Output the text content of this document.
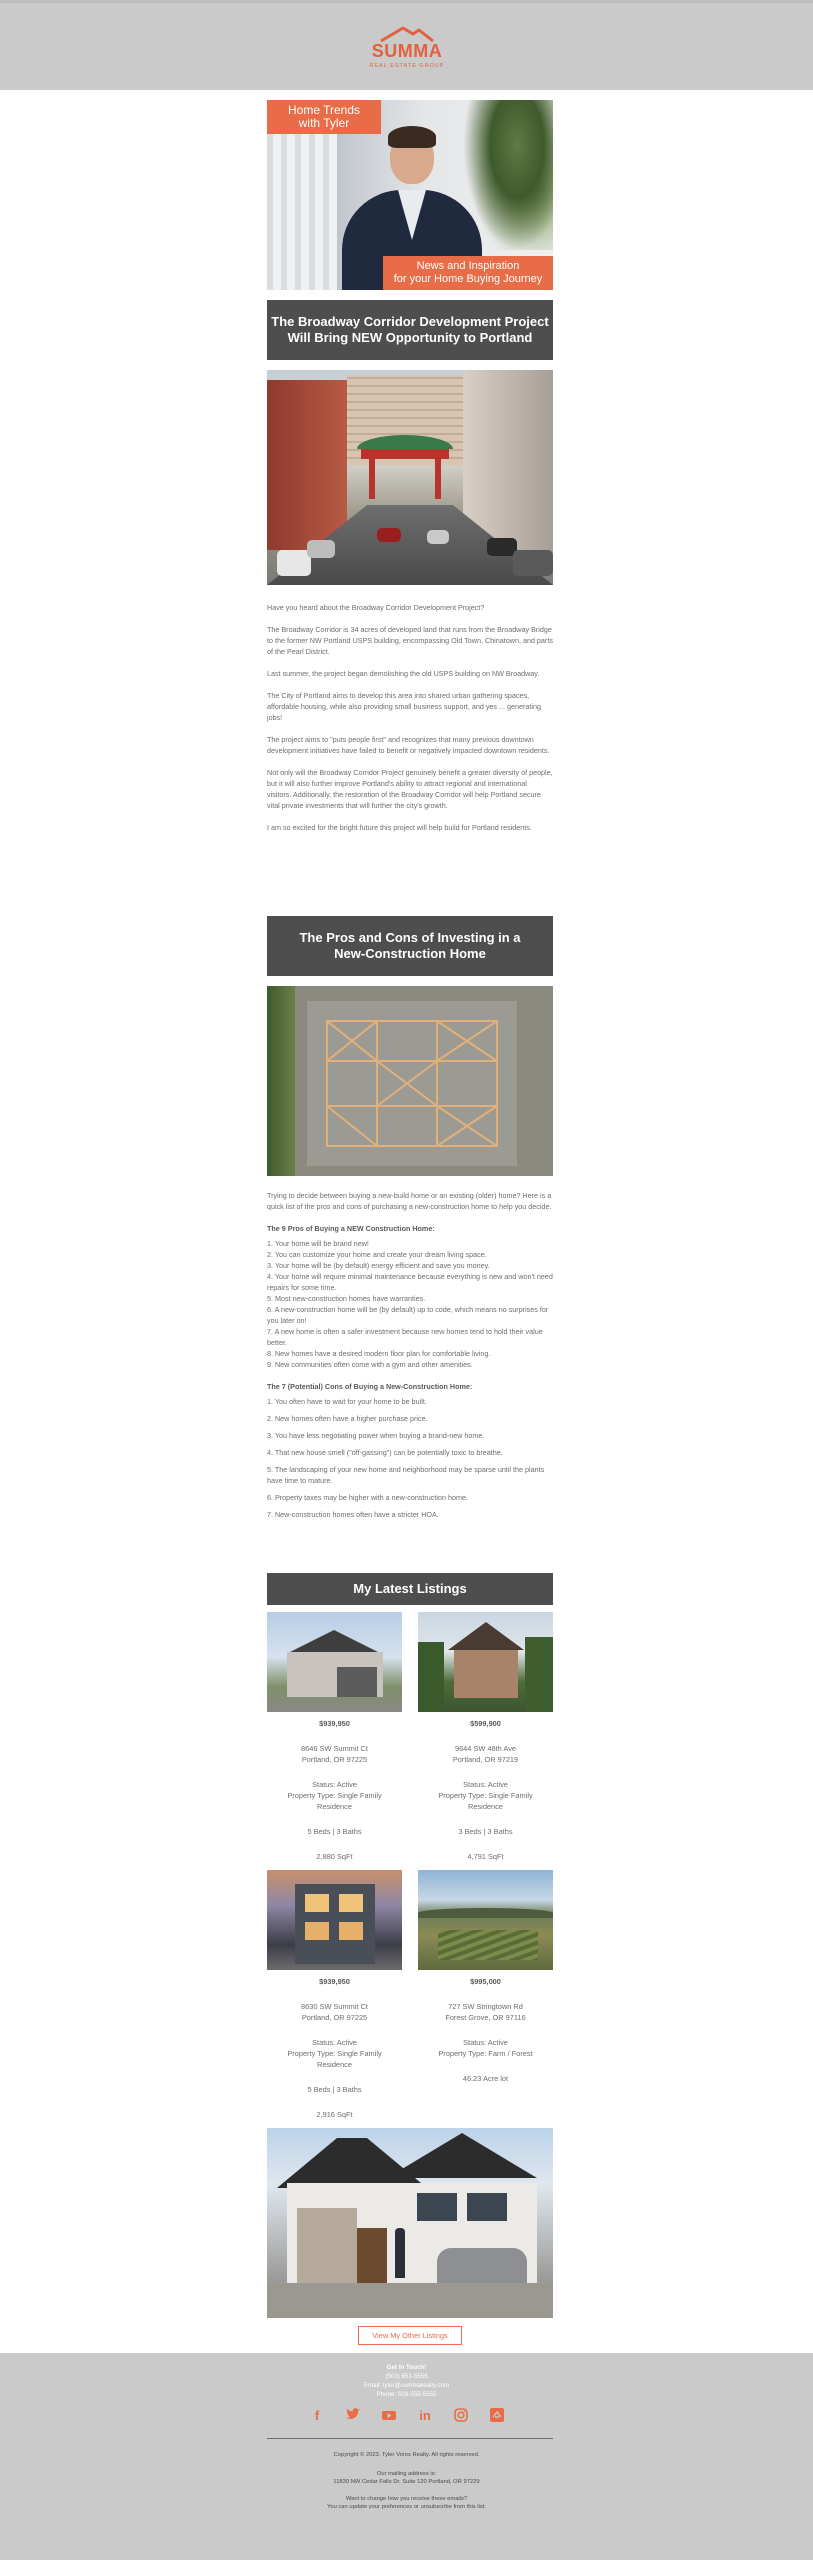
SUMMA
REAL ESTATE GROUP
Home Trends
with Tyler
News and Inspiration
for your Home Buying Journey
The Broadway Corridor Development Project
Will Bring NEW Opportunity to Portland

Have you heard about the Broadway Corridor Development Project?

The Broadway Corridor is 34 acres of developed land that runs from the Broadway Bridge to the former NW Portland USPS building, encompassing Old Town, Chinatown, and parts of the Pearl District.

Last summer, the project began demolishing the old USPS building on NW Broadway.

The City of Portland aims to develop this area into shared urban gathering spaces, affordable housing, while also providing small business support, and yes ... generating jobs!

The project aims to "puts people first" and recognizes that many previous downtown development initiatives have failed to benefit or negatively impacted downtown residents.

Not only will the Broadway Corridor Project genuinely benefit a greater diversity of people, but it will also further improve Portland's ability to attract regional and international visitors. Additionally, the restoration of the Broadway Corridor will help Portland secure vital private investments that will further the city's growth.

I am so excited for the bright future this project will help build for Portland residents.

The Pros and Cons of Investing in a
New-Construction Home

Trying to decide between buying a new-build home or an existing (older) home? Here is a quick list of the pros and cons of purchasing a new-construction home to help you decide.

The 9 Pros of Buying a NEW Construction Home:

1. Your home will be brand new!

2. You can customize your home and create your dream living space.

3. Your home will be (by default) energy efficient and save you money.

4. Your home will require minimal maintenance because everything is new and won't need repairs for some time.

5. Most new-construction homes have warranties.

6. A new-construction home will be (by default) up to code, which means no surprises for you later on!

7. A new home is often a safer investment because new homes tend to hold their value better.

8. New homes have a desired modern floor plan for comfortable living.

9. New communities often come with a gym and other amenities.

The 7 (Potential) Cons of Buying a New-Construction Home:

1. You often have to wait for your home to be built.

2. New homes often have a higher purchase price.

3. You have less negotiating power when buying a brand-new home.

4. That new house smell ("off-gassing") can be potentially toxic to breathe.

5. The landscaping of your new home and neighborhood may be sparse until the plants have time to mature.

6. Property taxes may be higher with a new-construction home.

7. New-construction homes often have a stricter HOA.

My Latest Listings
$939,950
8646 SW Summit Ct
Portland, OR 97225
Status: Active
Property Type: Single Family
Residence
5 Beds | 3 Baths
2,880 SqFt
$599,900
9644 SW 48th Ave
Portland, OR 97219
Status: Active
Property Type: Single Family
Residence
3 Beds | 3 Baths
4,791 SqFt
$939,950
8630 SW Summit Ct
Portland, OR 97225
Status: Active
Property Type: Single Family
Residence
5 Beds | 3 Baths
2,916 SqFt
$995,000
727 SW Stringtown Rd
Forest Grove, OR 97116
Status: Active
Property Type: Farm / Forest
46.23 Acre lot
View My Other Listings
Get In Touch!
(503) 851-5555
Email: tyler@summarealty.com
Phone: 503-555-5555
f	in
Copyright © 2023. Tyler Voros Realty. All rights reserved.
Our mailing address is:
11830 NW Cedar Falls Dr. Suite 120 Portland, OR 97229
Want to change how you receive these emails?
You can update your preferences or unsubscribe from this list.
